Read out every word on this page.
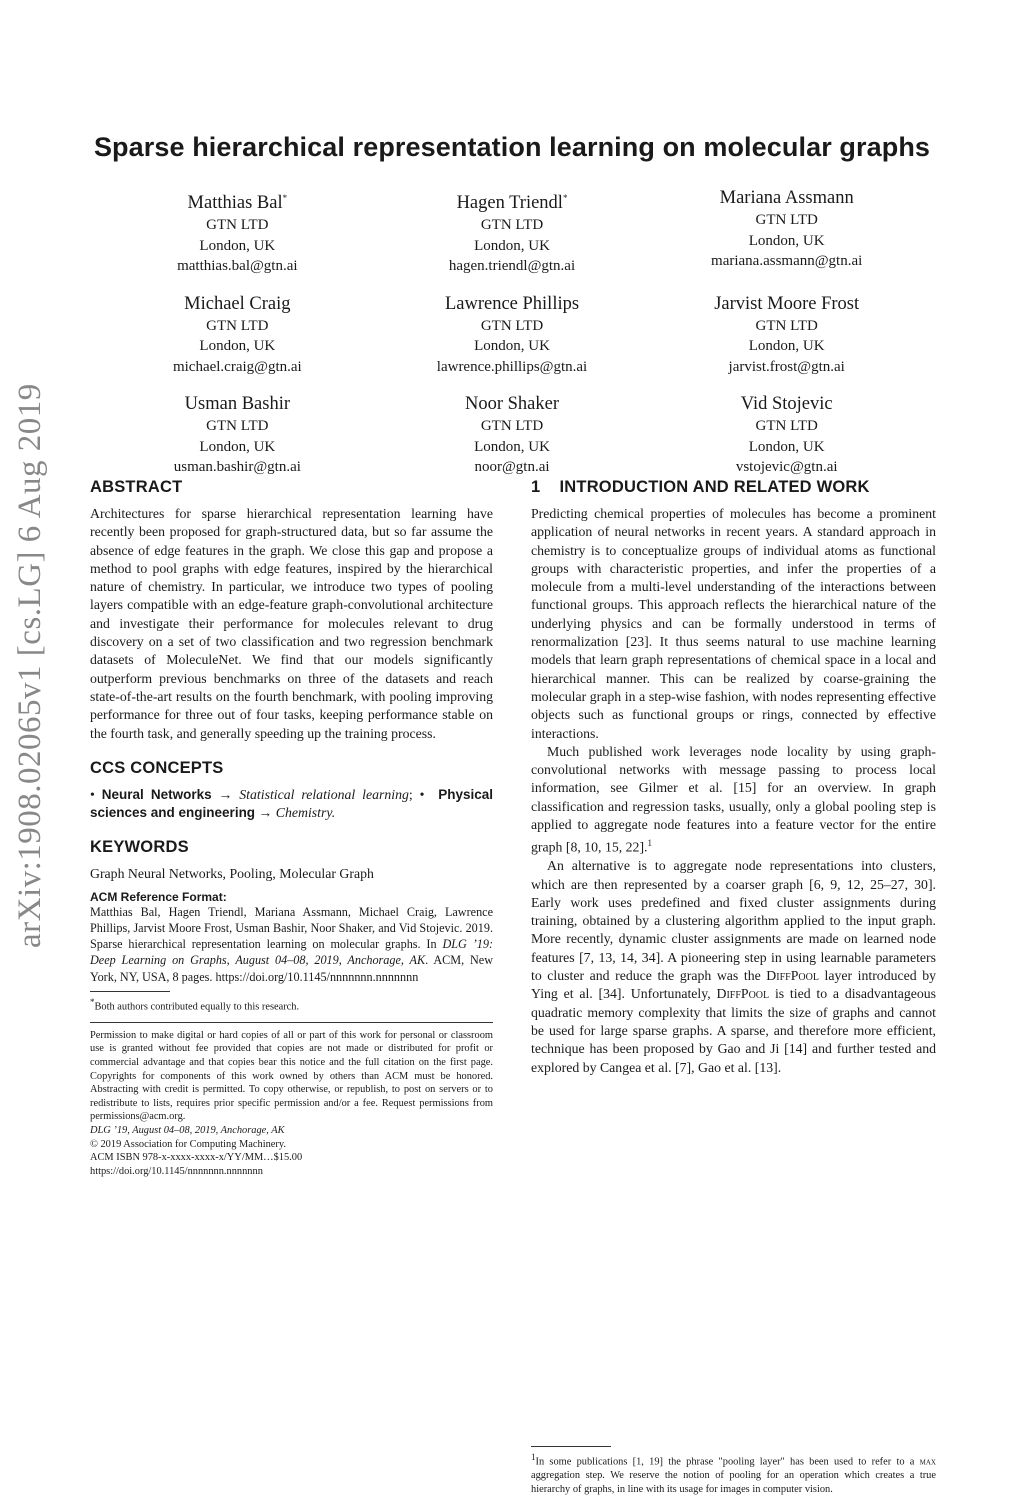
arXiv:1908.02065v1 [cs.LG] 6 Aug 2019
Sparse hierarchical representation learning on molecular graphs
Matthias Bal*
GTN LTD
London, UK
matthias.bal@gtn.ai
Hagen Triendl*
GTN LTD
London, UK
hagen.triendl@gtn.ai
Mariana Assmann
GTN LTD
London, UK
mariana.assmann@gtn.ai
Michael Craig
GTN LTD
London, UK
michael.craig@gtn.ai
Lawrence Phillips
GTN LTD
London, UK
lawrence.phillips@gtn.ai
Jarvist Moore Frost
GTN LTD
London, UK
jarvist.frost@gtn.ai
Usman Bashir
GTN LTD
London, UK
usman.bashir@gtn.ai
Noor Shaker
GTN LTD
London, UK
noor@gtn.ai
Vid Stojevic
GTN LTD
London, UK
vstojevic@gtn.ai
ABSTRACT

Architectures for sparse hierarchical representation learning have recently been proposed for graph-structured data, but so far assume the absence of edge features in the graph. We close this gap and propose a method to pool graphs with edge features, inspired by the hierarchical nature of chemistry. In particular, we introduce two types of pooling layers compatible with an edge-feature graph-convolutional architecture and investigate their performance for molecules relevant to drug discovery on a set of two classification and two regression benchmark datasets of MoleculeNet. We find that our models significantly outperform previous benchmarks on three of the datasets and reach state-of-the-art results on the fourth benchmark, with pooling improving performance for three out of four tasks, keeping performance stable on the fourth task, and generally speeding up the training process.

CCS CONCEPTS

• Neural Networks → Statistical relational learning; •  Physical sciences and engineering → Chemistry.

KEYWORDS

Graph Neural Networks, Pooling, Molecular Graph

ACM Reference Format:

Matthias Bal, Hagen Triendl, Mariana Assmann, Michael Craig, Lawrence Phillips, Jarvist Moore Frost, Usman Bashir, Noor Shaker, and Vid Stojevic. 2019. Sparse hierarchical representation learning on molecular graphs. In DLG ’19: Deep Learning on Graphs, August 04–08, 2019, Anchorage, AK. ACM, New York, NY, USA, 8 pages. https://doi.org/10.1145/nnnnnnn.nnnnnnn

*Both authors contributed equally to this research.

Permission to make digital or hard copies of all or part of this work for personal or classroom use is granted without fee provided that copies are not made or distributed for profit or commercial advantage and that copies bear this notice and the full citation on the first page. Copyrights for components of this work owned by others than ACM must be honored. Abstracting with credit is permitted. To copy otherwise, or republish, to post on servers or to redistribute to lists, requires prior specific permission and/or a fee. Request permissions from permissions@acm.org.

DLG ’19, August 04–08, 2019, Anchorage, AK

© 2019 Association for Computing Machinery.

ACM ISBN 978-x-xxxx-xxxx-x/YY/MM…$15.00

https://doi.org/10.1145/nnnnnnn.nnnnnnn

1    INTRODUCTION AND RELATED WORK

Predicting chemical properties of molecules has become a prominent application of neural networks in recent years. A standard approach in chemistry is to conceptualize groups of individual atoms as functional groups with characteristic properties, and infer the properties of a molecule from a multi-level understanding of the interactions between functional groups. This approach reflects the hierarchical nature of the underlying physics and can be formally understood in terms of renormalization [23]. It thus seems natural to use machine learning models that learn graph representations of chemical space in a local and hierarchical manner. This can be realized by coarse-graining the molecular graph in a step-wise fashion, with nodes representing effective objects such as functional groups or rings, connected by effective interactions.

Much published work leverages node locality by using graph-convolutional networks with message passing to process local information, see Gilmer et al. [15] for an overview. In graph classification and regression tasks, usually, only a global pooling step is applied to aggregate node features into a feature vector for the entire graph [8, 10, 15, 22].$^1$

An alternative is to aggregate node representations into clusters, which are then represented by a coarser graph [6, 9, 12, 25–27, 30]. Early work uses predefined and fixed cluster assignments during training, obtained by a clustering algorithm applied to the input graph. More recently, dynamic cluster assignments are made on learned node features [7, 13, 14, 34]. A pioneering step in using learnable parameters to cluster and reduce the graph was the DiffPool layer introduced by Ying et al. [34]. Unfortunately, DiffPool is tied to a disadvantageous quadratic memory complexity that limits the size of graphs and cannot be used for large sparse graphs. A sparse, and therefore more efficient, technique has been proposed by Gao and Ji [14] and further tested and explored by Cangea et al. [7], Gao et al. [13].

$^1$In some publications [1, 19] the phrase "pooling layer" has been used to refer to a max aggregation step. We reserve the notion of pooling for an operation which creates a true hierarchy of graphs, in line with its usage for images in computer vision.
